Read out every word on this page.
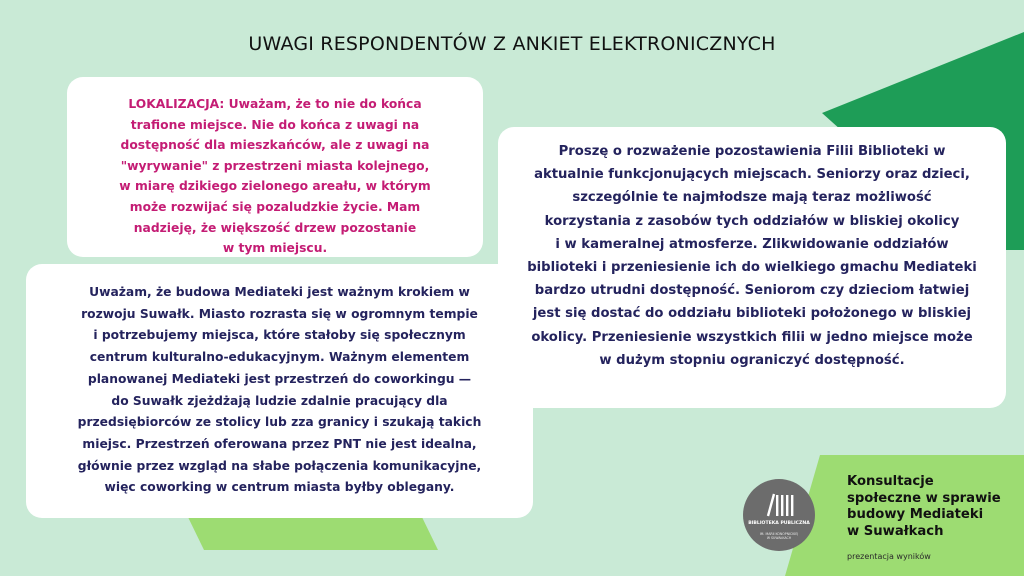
UWAGI RESPONDENTÓW Z ANKIET ELEKTRONICZNYCH

LOKALIZACJA: Uważam, że to nie do końca
trafione miejsce. Nie do końca z uwagi na
dostępność dla mieszkańców, ale z uwagi na
"wyrywanie" z przestrzeni miasta kolejnego,
w miarę dzikiego zielonego areału, w którym
może rozwijać się pozaludzkie życie. Mam
nadzieję, że większość drzew pozostanie
w tym miejscu.

Uważam, że budowa Mediateki jest ważnym krokiem w
rozwoju Suwałk. Miasto rozrasta się w ogromnym tempie
i potrzebujemy miejsca, które stałoby się społecznym
centrum kulturalno-edukacyjnym. Ważnym elementem
planowanej Mediateki jest przestrzeń do coworkingu —
do Suwałk zjeżdżają ludzie zdalnie pracujący dla
przedsiębiorców ze stolicy lub zza granicy i szukają takich
miejsc. Przestrzeń oferowana przez PNT nie jest idealna,
głównie przez wzgląd na słabe połączenia komunikacyjne,
więc coworking w centrum miasta byłby oblegany.

Proszę o rozważenie pozostawienia Filii Biblioteki w
aktualnie funkcjonujących miejscach. Seniorzy oraz dzieci,
szczególnie te najmłodsze mają teraz możliwość
korzystania z zasobów tych oddziałów w bliskiej okolicy
i w kameralnej atmosferze. Zlikwidowanie oddziałów
biblioteki i przeniesienie ich do wielkiego gmachu Mediateki
bardzo utrudni dostępność. Seniorom czy dzieciom łatwiej
jest się dostać do oddziału biblioteki położonego w bliskiej
okolicy. Przeniesienie wszystkich filii w jedno miejsce może
w dużym stopniu ograniczyć dostępność.

BIBLIOTEKA PUBLICZNA
IM. MARII KONOPNICKIEJ
W SUWAŁKACH
Konsultacje
społeczne w sprawie
budowy Mediateki
w Suwałkach
prezentacja wyników
